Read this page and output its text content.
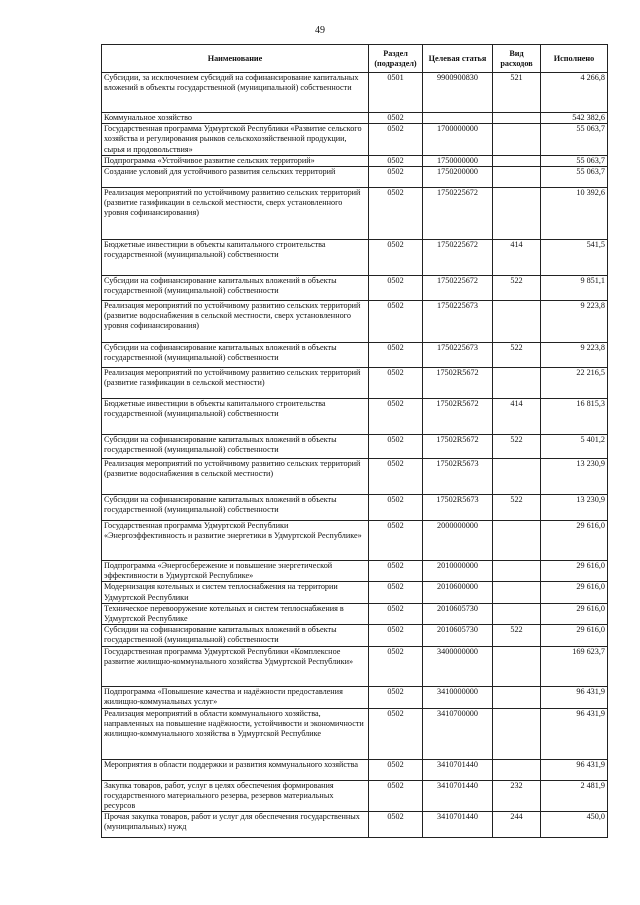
49
Наименование	Раздел (подраздел)	Целевая статья	Вид расходов	Исполнено
Субсидии, за исключением субсидий на софинансирование капитальных вложений в объекты государственной (муниципальной) собственности	0501	9900900830	521	4 266,8
Коммунальное хозяйство	0502			542 382,6
Государственная программа Удмуртской Республики «Развитие сельского хозяйства и регулирования рынков сельскохозяйственной продукции, сырья и продовольствия»	0502	1700000000		55 063,7
Подпрограмма «Устойчивое развитие сельских территорий»	0502	1750000000		55 063,7
Создание условий для устойчивого развития сельских территорий	0502	1750200000		55 063,7
Реализация мероприятий по устойчивому развитию сельских территорий (развитие газификации в сельской местности, сверх установленного уровня софинансирования)	0502	1750225672		10 392,6
Бюджетные инвестиции в объекты капитального строительства государственной (муниципальной) собственности	0502	1750225672	414	541,5
Субсидии на софинансирование капитальных вложений в объекты государственной (муниципальной) собственности	0502	1750225672	522	9 851,1
Реализация мероприятий по устойчивому развитию сельских территорий (развитие водоснабжения в сельской местности, сверх установленного уровня софинансирования)	0502	1750225673		9 223,8
Субсидии на софинансирование капитальных вложений в объекты государственной (муниципальной) собственности	0502	1750225673	522	9 223,8
Реализация мероприятий по устойчивому развитию сельских территорий (развитие газификации в сельской местности)	0502	17502R5672		22 216,5
Бюджетные инвестиции в объекты капитального строительства государственной (муниципальной) собственности	0502	17502R5672	414	16 815,3
Субсидии на софинансирование капитальных вложений в объекты государственной (муниципальной) собственности	0502	17502R5672	522	5 401,2
Реализация мероприятий по устойчивому развитию сельских территорий (развитие водоснабжения в сельской местности)	0502	17502R5673		13 230,9
Субсидии на софинансирование капитальных вложений в объекты государственной (муниципальной) собственности	0502	17502R5673	522	13 230,9
Государственная программа Удмуртской Республики «Энергоэффективность и развитие энергетики в Удмуртской Республике»	0502	2000000000		29 616,0
Подпрограмма «Энергосбережение и повышение энергетической эффективности в Удмуртской Республике»	0502	2010000000		29 616,0
Модернизация котельных и систем теплоснабжения на территории Удмуртской Республики	0502	2010600000		29 616,0
Техническое перевооружение котельных и систем теплоснабжения в Удмуртской Республике	0502	2010605730		29 616,0
Субсидии на софинансирование капитальных вложений в объекты государственной (муниципальной) собственности	0502	2010605730	522	29 616,0
Государственная программа Удмуртской Республики «Комплексное развитие жилищно-коммунального хозяйства Удмуртской Республики»	0502	3400000000		169 623,7
Подпрограмма «Повышение качества и надёжности предоставления жилищно-коммунальных услуг»	0502	3410000000		96 431,9
Реализация мероприятий в области коммунального хозяйства, направленных на повышение надёжности, устойчивости и экономичности жилищно-коммунального хозяйства в Удмуртской Республике	0502	3410700000		96 431,9
Мероприятия в области поддержки и развития коммунального хозяйства	0502	3410701440		96 431,9
Закупка товаров, работ, услуг в целях обеспечения формирования государственного материального резерва, резервов материальных ресурсов	0502	3410701440	232	2 481,9
Прочая закупка товаров, работ и услуг для обеспечения государственных (муниципальных) нужд	0502	3410701440	244	450,0
